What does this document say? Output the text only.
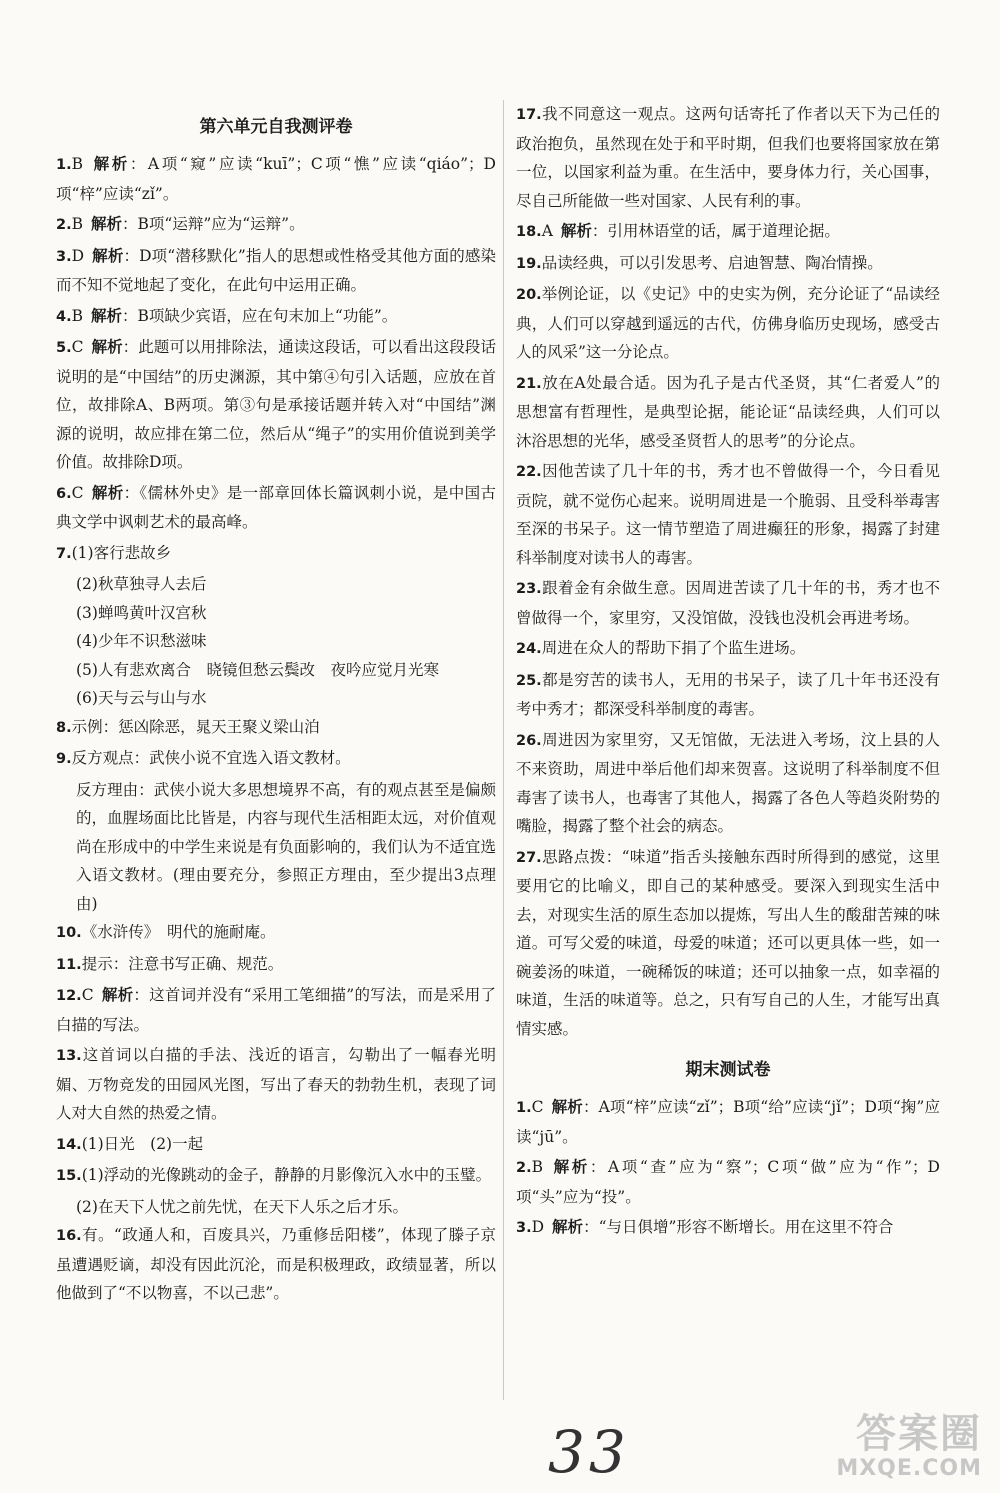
第六单元自我测评卷
1.B 解析：A项“窥”应读“kuī”；C项“憔”应读“qiáo”；D项“梓”应读“zǐ”。
2.B 解析：B项“运辩”应为“运辩”。
3.D 解析：D项“潜移默化”指人的思想或性格受其他方面的感染而不知不觉地起了变化，在此句中运用正确。
4.B 解析：B项缺少宾语，应在句末加上“功能”。
5.C 解析：此题可以用排除法，通读这段话，可以看出这段段话说明的是“中国结”的历史渊源，其中第④句引入话题，应放在首位，故排除A、B两项。第③句是承接话题并转入对“中国结”渊源的说明，故应排在第二位，然后从“绳子”的实用价值说到美学价值。故排除D项。
6.C 解析：《儒林外史》是一部章回体长篇讽刺小说，是中国古典文学中讽刺艺术的最高峰。
7.(1)客行悲故乡
(2)秋草独寻人去后
(3)蝉鸣黄叶汉宫秋
(4)少年不识愁滋味
(5)人有悲欢离合　晓镜但愁云鬓改　夜吟应觉月光寒
(6)天与云与山与水
8.示例：惩凶除恶，晁天王聚义梁山泊
9.反方观点：武侠小说不宜选入语文教材。
反方理由：武侠小说大多思想境界不高，有的观点甚至是偏颇的，血腥场面比比皆是，内容与现代生活相距太远，对价值观尚在形成中的中学生来说是有负面影响的，我们认为不适宜选入语文教材。(理由要充分，参照正方理由，至少提出3点理由)
10.《水浒传》　明代的施耐庵。
11.提示：注意书写正确、规范。
12.C 解析：这首词并没有“采用工笔细描”的写法，而是采用了白描的写法。
13.这首词以白描的手法、浅近的语言，勾勒出了一幅春光明媚、万物竞发的田园风光图，写出了春天的勃勃生机，表现了词人对大自然的热爱之情。
14.(1)日光　(2)一起
15.(1)浮动的光像跳动的金子，静静的月影像沉入水中的玉璧。
(2)在天下人忧之前先忧，在天下人乐之后才乐。
16.有。“政通人和，百废具兴，乃重修岳阳楼”，体现了滕子京虽遭遇贬谪，却没有因此沉沦，而是积极理政，政绩显著，所以他做到了“不以物喜，不以己悲”。
17.我不同意这一观点。这两句话寄托了作者以天下为己任的政治抱负，虽然现在处于和平时期，但我们也要将国家放在第一位，以国家利益为重。在生活中，要身体力行，关心国事，尽自己所能做一些对国家、人民有利的事。
18.A 解析：引用林语堂的话，属于道理论据。
19.品读经典，可以引发思考、启迪智慧、陶冶情操。
20.举例论证，以《史记》中的史实为例，充分论证了“品读经典，人们可以穿越到遥远的古代，仿佛身临历史现场，感受古人的风采”这一分论点。
21.放在A处最合适。因为孔子是古代圣贤，其“仁者爱人”的思想富有哲理性，是典型论据，能论证“品读经典，人们可以沐浴思想的光华，感受圣贤哲人的思考”的分论点。
22.因他苦读了几十年的书，秀才也不曾做得一个，今日看见贡院，就不觉伤心起来。说明周进是一个脆弱、且受科举毒害至深的书呆子。这一情节塑造了周进癫狂的形象，揭露了封建科举制度对读书人的毒害。
23.跟着金有余做生意。因周进苦读了几十年的书，秀才也不曾做得一个，家里穷，又没馆做，没钱也没机会再进考场。
24.周进在众人的帮助下捐了个监生进场。
25.都是穷苦的读书人，无用的书呆子，读了几十年书还没有考中秀才；都深受科举制度的毒害。
26.周进因为家里穷，又无馆做，无法进入考场，汶上县的人不来资助，周进中举后他们却来贺喜。这说明了科举制度不但毒害了读书人，也毒害了其他人，揭露了各色人等趋炎附势的嘴脸，揭露了整个社会的病态。
27.思路点拨：“味道”指舌头接触东西时所得到的感觉，这里要用它的比喻义，即自己的某种感受。要深入到现实生活中去，对现实生活的原生态加以提炼，写出人生的酸甜苦辣的味道。可写父爱的味道，母爱的味道；还可以更具体一些，如一碗姜汤的味道，一碗稀饭的味道；还可以抽象一点，如幸福的味道，生活的味道等。总之，只有写自己的人生，才能写出真情实感。
期末测试卷
1.C 解析：A项“梓”应读“zǐ”；B项“给”应读“jǐ”；D项“掬”应读“jū”。
2.B 解析：A项“查”应为“察”；C项“做”应为“作”；D项“头”应为“投”。
3.D 解析：“与日俱增”形容不断增长。用在这里不符合
33	答案圈
MXQE.COM
